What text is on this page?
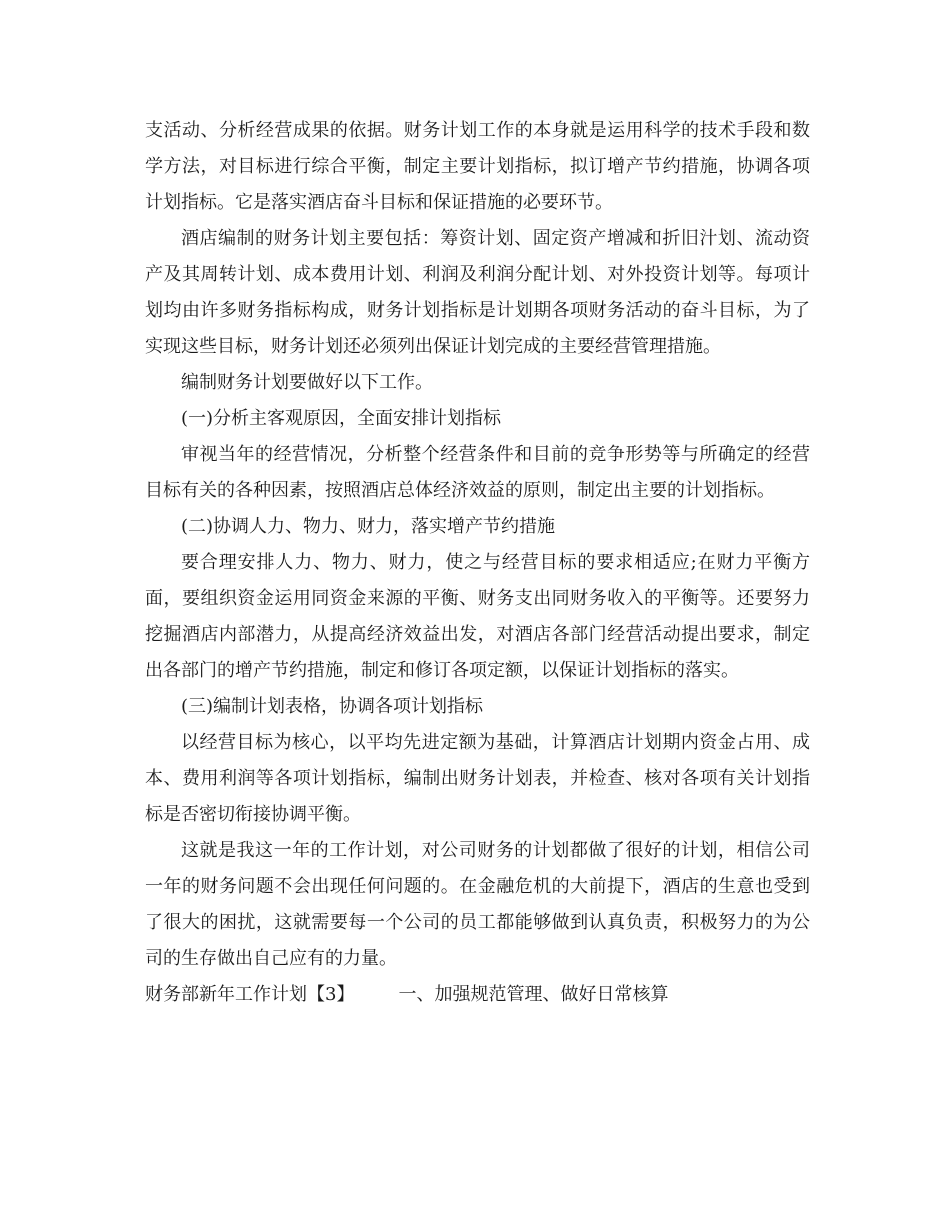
支活动、分析经营成果的依据。财务计划工作的本身就是运用科学的技术手段和数学方法，对目标进行综合平衡，制定主要计划指标，拟订增产节约措施，协调各项计划指标。它是落实酒店奋斗目标和保证措施的必要环节。

酒店编制的财务计划主要包括：筹资计划、固定资产增减和折旧汁划、流动资产及其周转计划、成本费用计划、利润及利润分配计划、对外投资计划等。每项计划均由许多财务指标构成，财务计划指标是计划期各项财务活动的奋斗目标，为了实现这些目标，财务计划还必须列出保证计划完成的主要经营管理措施。

编制财务计划要做好以下工作。

(一)分析主客观原因，全面安排计划指标

审视当年的经营情况，分析整个经营条件和目前的竞争形势等与所确定的经营目标有关的各种因素，按照酒店总体经济效益的原则，制定出主要的计划指标。

(二)协调人力、物力、财力，落实增产节约措施

要合理安排人力、物力、财力，使之与经营目标的要求相适应;在财力平衡方面，要组织资金运用同资金来源的平衡、财务支出同财务收入的平衡等。还要努力挖掘酒店内部潜力，从提高经济效益出发，对酒店各部门经营活动提出要求，制定出各部门的增产节约措施，制定和修订各项定额，以保证计划指标的落实。

(三)编制计划表格，协调各项计划指标

以经营目标为核心，以平均先进定额为基础，计算酒店计划期内资金占用、成本、费用利润等各项计划指标，编制出财务计划表，并检查、核对各项有关计划指标是否密切衔接协调平衡。

这就是我这一年的工作计划，对公司财务的计划都做了很好的计划，相信公司一年的财务问题不会出现任何问题的。在金融危机的大前提下，酒店的生意也受到了很大的困扰，这就需要每一个公司的员工都能够做到认真负责，积极努力的为公司的生存做出自己应有的力量。

财务部新年工作计划【3】 一、加强规范管理、做好日常核算
